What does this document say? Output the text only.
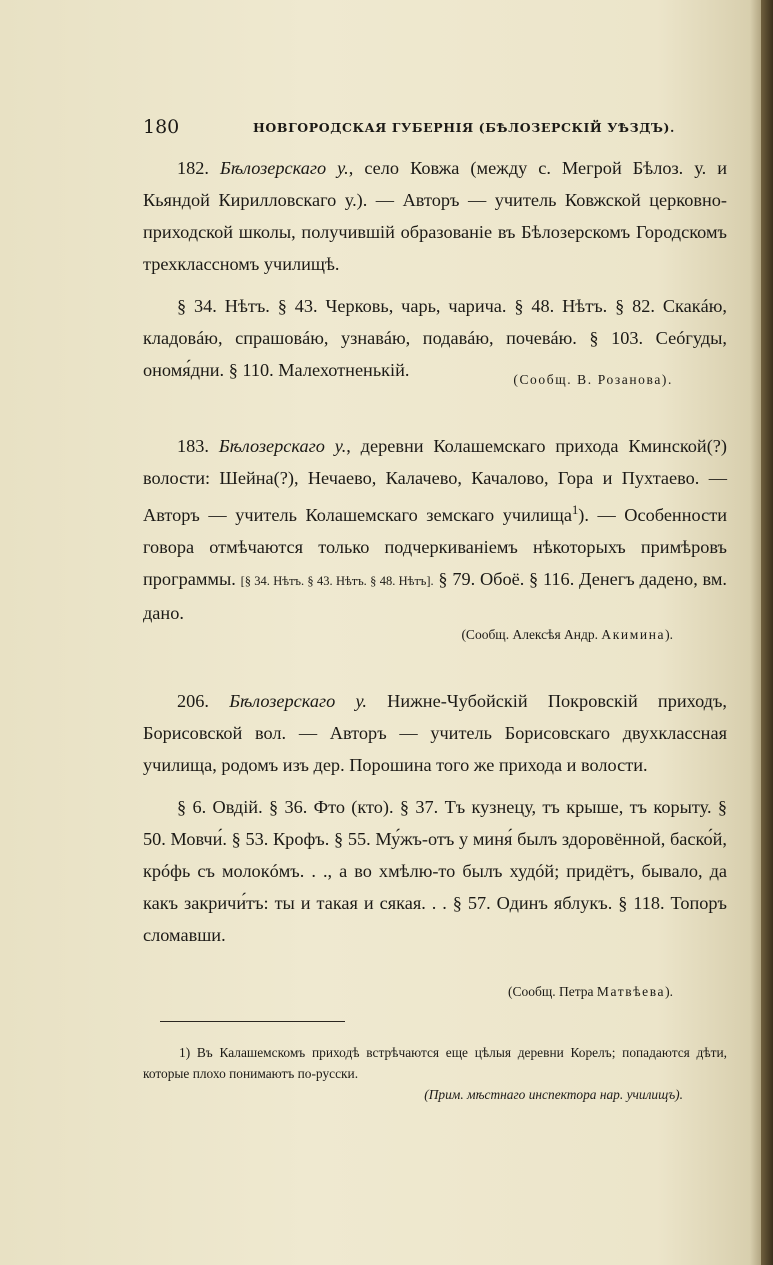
180	НОВГОРОДСКАЯ ГУБЕРНІЯ (БѢЛОЗЕРСКІЙ УѢЗДЪ).

182. Бѣлозерскаго у., село Ковжа (между с. Мегрой Бѣлоз. у. и Кьяндой Кирилловскаго у.). — Авторъ — учитель Ковжской церковно-приходской школы, получившій образованіе въ Бѣлозерскомъ Городскомъ трехклассномъ училищѣ.

§ 34. Нѣтъ. § 43. Черковь, чарь, чарича. § 48. Нѣтъ. § 82. Скакáю, кладовáю, спрашовáю, узнавáю, подавáю, почевáю. § 103. Сеóгуды, ономя́дни. § 110. Малехотненькій.	(Сообщ. В. Розанова).

183. Бѣлозерскаго у., деревни Колашемскаго прихода Кминской(?) волости: Шейна(?), Нечаево, Калачево, Качалово, Гора и Пухтаево. — Авторъ — учитель Колашемскаго земскаго училища$^1$). — Особенности говора отмѣчаются только подчеркиваніемъ нѣкоторыхъ примѣровъ программы. [§ 34. Нѣтъ. § 43. Нѣтъ. § 48. Нѣтъ]. § 79. Обоё. § 116. Денегъ дадено, вм. дано.

(Сообщ. Алексѣя Андр. Акимина).

206. Бѣлозерскаго у. Нижне-Чубойскій Покровскій приходъ, Борисовской вол. — Авторъ — учитель Борисовскаго двухклассная училища, родомъ изъ дер. Порошина того же прихода и волости.

§ 6. Овдій. § 36. Фто (кто). § 37. Тъ кузнецу, тъ крыше, тъ корыту. § 50. Мовчи́. § 53. Крофъ. § 55. Му́жъ-отъ у миня́ былъ здоровённой, баско́й, крóфь съ молокóмъ. . ., а во хмѣлю-то былъ худóй; придётъ, бывало, да какъ закричи́тъ: ты и такая и сякая. . . § 57. Одинъ яблукъ. § 118. Топоръ сломавши.

(Сообщ. Петра Матвѣева).

1) Въ Калашемскомъ приходѣ встрѣчаются еще цѣлыя деревни Корелъ; попадаются дѣти, которые плохо понимаютъ по-русски.

(Прим. мѣстнаго инспектора нар. училищъ).
